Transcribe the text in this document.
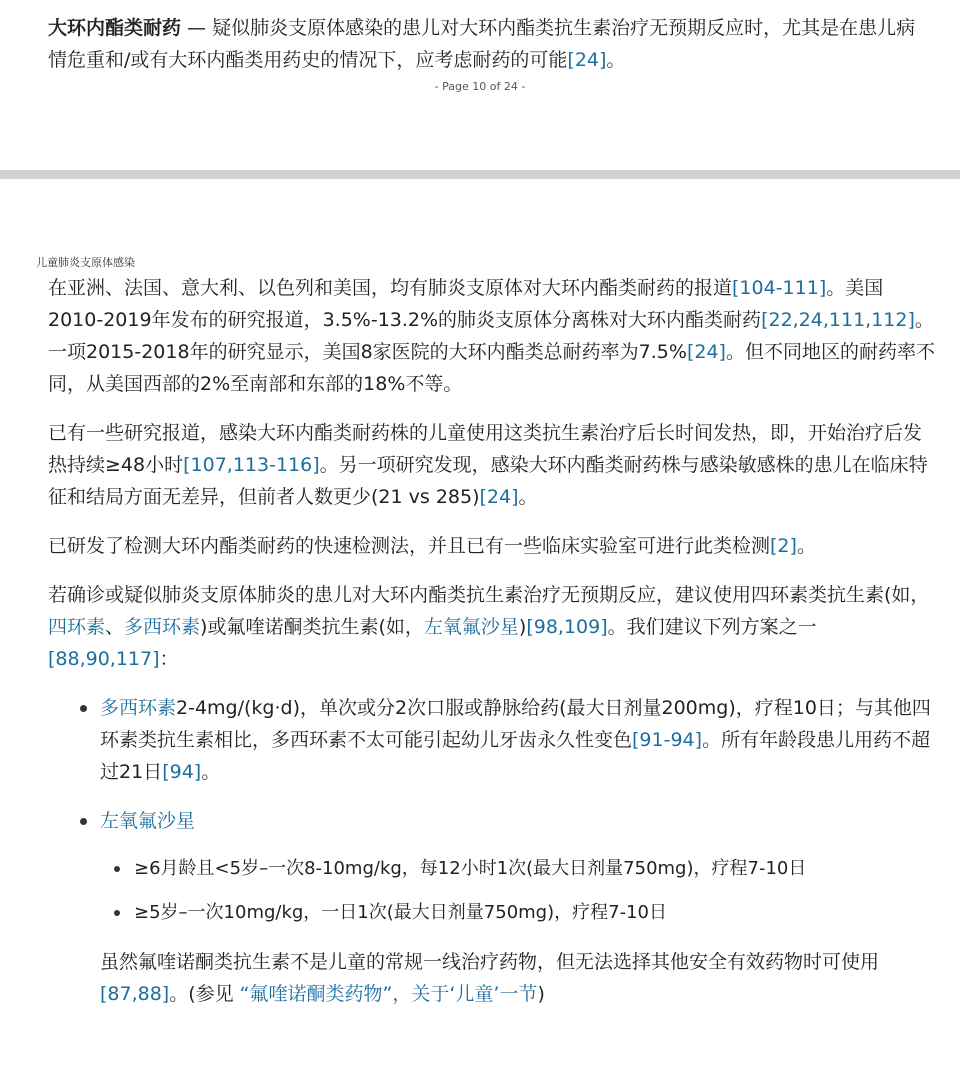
大环内酯类耐药 — 疑似肺炎支原体感染的患儿对大环内酯类抗生素治疗无预期反应时，尤其是在患儿病情危重和/或有大环内酯类用药史的情况下，应考虑耐药的可能[24]。

- Page 10 of 24 -
儿童肺炎支原体感染

在亚洲、法国、意大利、以色列和美国，均有肺炎支原体对大环内酯类耐药的报道[104-111]。美国2010-2019年发布的研究报道，3.5%-13.2%的肺炎支原体分离株对大环内酯类耐药[22,24,111,112]。一项2015-2018年的研究显示，美国8家医院的大环内酯类总耐药率为7.5%[24]。但不同地区的耐药率不同，从美国西部的2%至南部和东部的18%不等。

已有一些研究报道，感染大环内酯类耐药株的儿童使用这类抗生素治疗后长时间发热，即，开始治疗后发热持续≥48小时[107,113-116]。另一项研究发现，感染大环内酯类耐药株与感染敏感株的患儿在临床特征和结局方面无差异，但前者人数更少(21 vs 285)[24]。

已研发了检测大环内酯类耐药的快速检测法，并且已有一些临床实验室可进行此类检测[2]。

若确诊或疑似肺炎支原体肺炎的患儿对大环内酯类抗生素治疗无预期反应，建议使用四环素类抗生素(如，四环素、多西环素)或氟喹诺酮类抗生素(如，左氧氟沙星)[98,109]。我们建议下列方案之一[88,90,117]：

多西环素2-4mg/(kg·d)，单次或分2次口服或静脉给药(最大日剂量200mg)，疗程10日；与其他四环素类抗生素相比，多西环素不太可能引起幼儿牙齿永久性变色[91-94]。所有年龄段患儿用药不超过21日[94]。
左氧氟沙星
≥6月龄且<5岁–一次8-10mg/kg，每12小时1次(最大日剂量750mg)，疗程7-10日
≥5岁–一次10mg/kg，一日1次(最大日剂量750mg)，疗程7-10日

虽然氟喹诺酮类抗生素不是儿童的常规一线治疗药物，但无法选择其他安全有效药物时可使用[87,88]。(参见 “氟喹诺酮类药物”，关于‘儿童’一节)
